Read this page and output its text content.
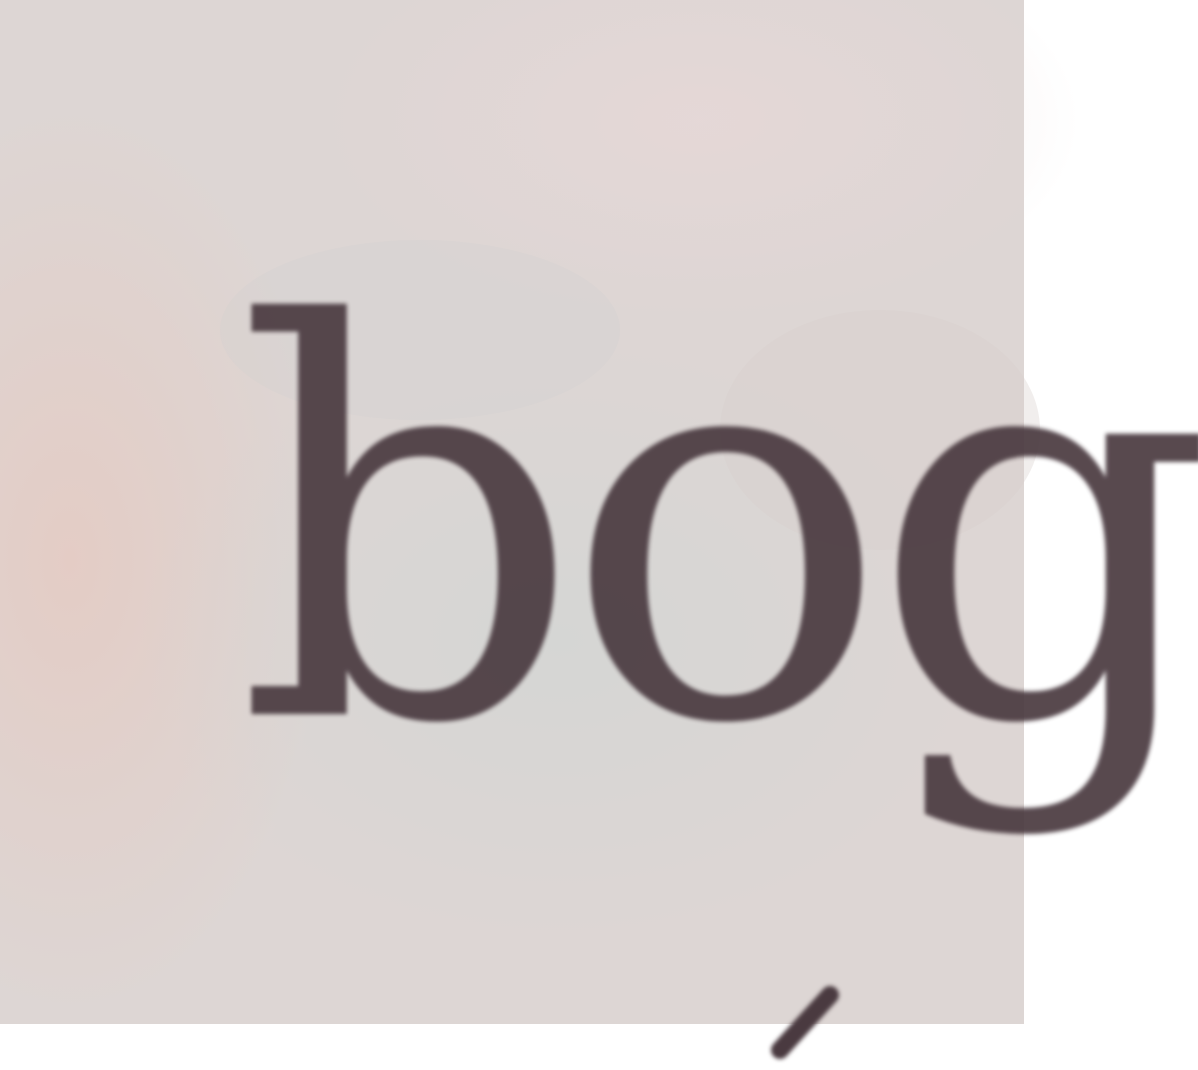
bog
